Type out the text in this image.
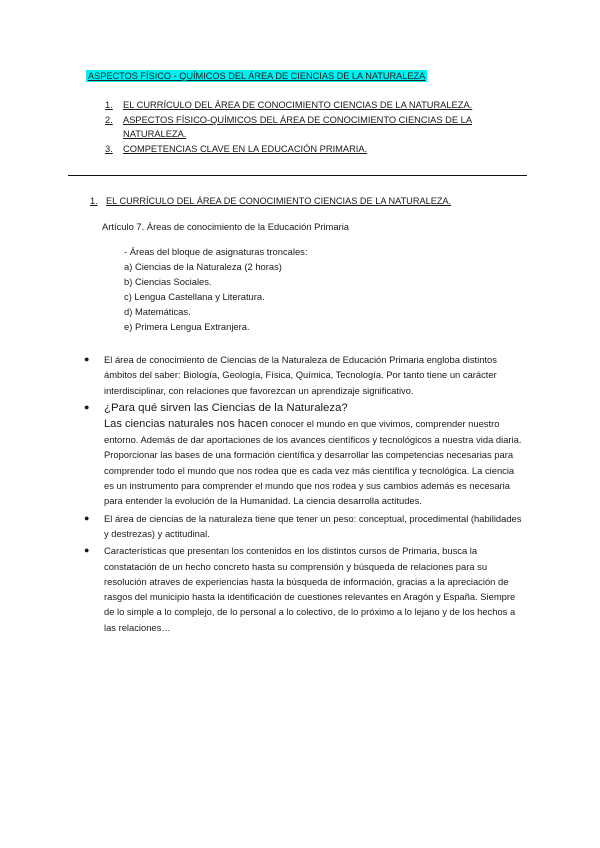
ASPECTOS FÍSICO - QUÍMICOS DEL ÁREA DE CIENCIAS DE LA NATURALEZA
1.	EL CURRÍCULO DEL ÁREA DE CONOCIMIENTO CIENCIAS DE LA NATURALEZA.
2.	ASPECTOS FÍSICO-QUÍMICOS DEL ÁREA DE CONOCIMIENTO CIENCIAS DE LA NATURALEZA.
3.	COMPETENCIAS CLAVE EN LA EDUCACIÓN PRIMARIA.
1. EL CURRÍCULO DEL ÁREA DE CONOCIMIENTO CIENCIAS DE LA NATURALEZA.
Artículo 7. Áreas de conocimiento de la Educación Primaria
- Áreas del bloque de asignaturas troncales:
a) Ciencias de la Naturaleza (2 horas)
b) Ciencias Sociales.
c) Lengua Castellana y Literatura.
d) Matemáticas.
e) Primera Lengua Extranjera.
●	El área de conocimiento de Ciencias de la Naturaleza de Educación Primaria engloba distintos ámbitos del saber: Biología, Geología, Física, Química, Tecnología. Por tanto tiene un carácter interdisciplinar, con relaciones que favorezcan un aprendizaje significativo.
●	¿Para qué sirven las Ciencias de la Naturaleza?
Las ciencias naturales nos hacen conocer el mundo en que vivimos, comprender nuestro entorno. Además de dar aportaciones de los avances científicos y tecnológicos a nuestra vida diaria. Proporcionar las bases de una formación científica y desarrollar las competencias necesarias para comprender todo el mundo que nos rodea que es cada vez más científica y tecnológica. La ciencia es un instrumento para comprender el mundo que nos rodea y sus cambios además es necesaria para entender la evolución de la Humanidad. La ciencia desarrolla actitudes.
●	El área de ciencias de la naturaleza tiene que tener un peso: conceptual, procedimental (habilidades y destrezas) y actitudinal.
●	Características que presentan los contenidos en los distintos cursos de Primaria, busca la constatación de un hecho concreto hasta su comprensión y búsqueda de relaciones para su resolución atraves de experiencias hasta la búsqueda de información, gracias a la apreciación de rasgos del municipio hasta la identificación de cuestiones relevantes en Aragón y España. Siempre de lo simple a lo complejo, de lo personal a lo colectivo, de lo próximo a lo lejano y de los hechos a las relaciones…
